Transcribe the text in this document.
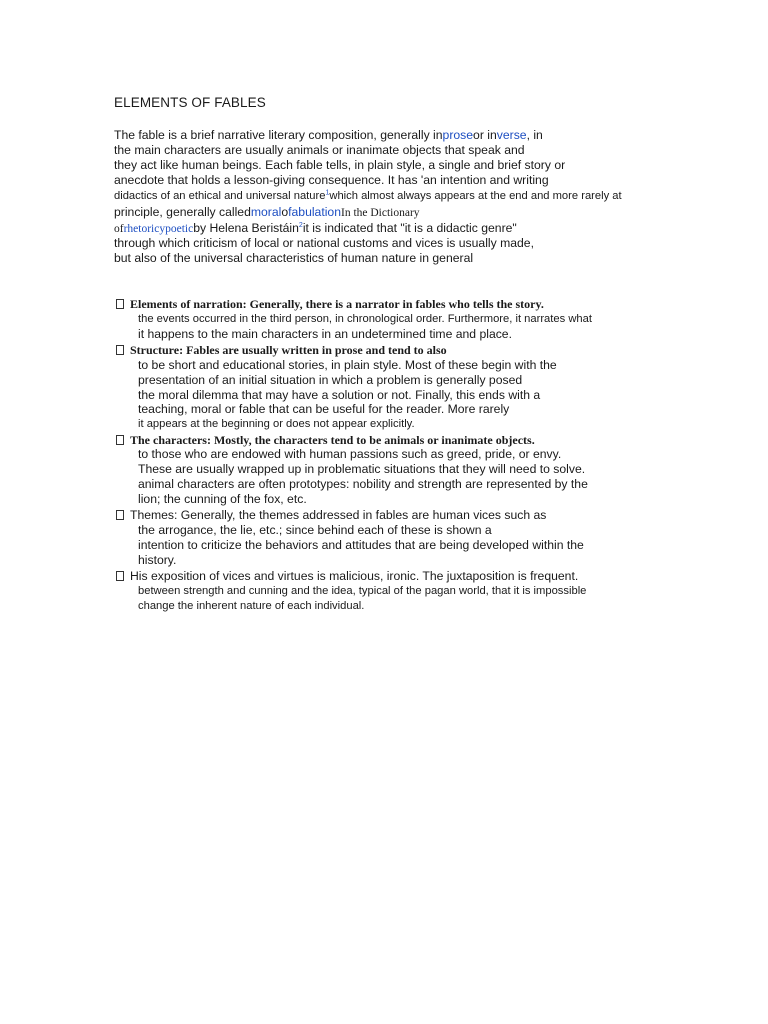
ELEMENTS OF FABLES
The fable is a brief narrative literary composition, generally inproseor inverse, in
the main characters are usually animals or inanimate objects that speak and
they act like human beings. Each fable tells, in plain style, a single and brief story or
anecdote that holds a lesson-giving consequence. It has 'an intention and writing
didactics of an ethical and universal nature$^1$which almost always appears at the end and more rarely at
principle, generally calledmoralofabulationIn the Dictionary
ofrhetoricypoeticby Helena Beristáin$^2$it is indicated that "it is a didactic genre"
through which criticism of local or national customs and vices is usually made,
but also of the universal characteristics of human nature in general
Elements of narration: Generally, there is a narrator in fables who tells the story.
the events occurred in the third person, in chronological order. Furthermore, it narrates what
it happens to the main characters in an undetermined time and place.
Structure: Fables are usually written in prose and tend to also
to be short and educational stories, in plain style. Most of these begin with the
presentation of an initial situation in which a problem is generally posed
the moral dilemma that may have a solution or not. Finally, this ends with a
teaching, moral or fable that can be useful for the reader. More rarely
it appears at the beginning or does not appear explicitly.
The characters: Mostly, the characters tend to be animals or inanimate objects.
to those who are endowed with human passions such as greed, pride, or envy.
These are usually wrapped up in problematic situations that they will need to solve.
animal characters are often prototypes: nobility and strength are represented by the
lion; the cunning of the fox, etc.
Themes: Generally, the themes addressed in fables are human vices such as
the arrogance, the lie, etc.; since behind each of these is shown a
intention to criticize the behaviors and attitudes that are being developed within the
history.
His exposition of vices and virtues is malicious, ironic. The juxtaposition is frequent.
between strength and cunning and the idea, typical of the pagan world, that it is impossible
change the inherent nature of each individual.
